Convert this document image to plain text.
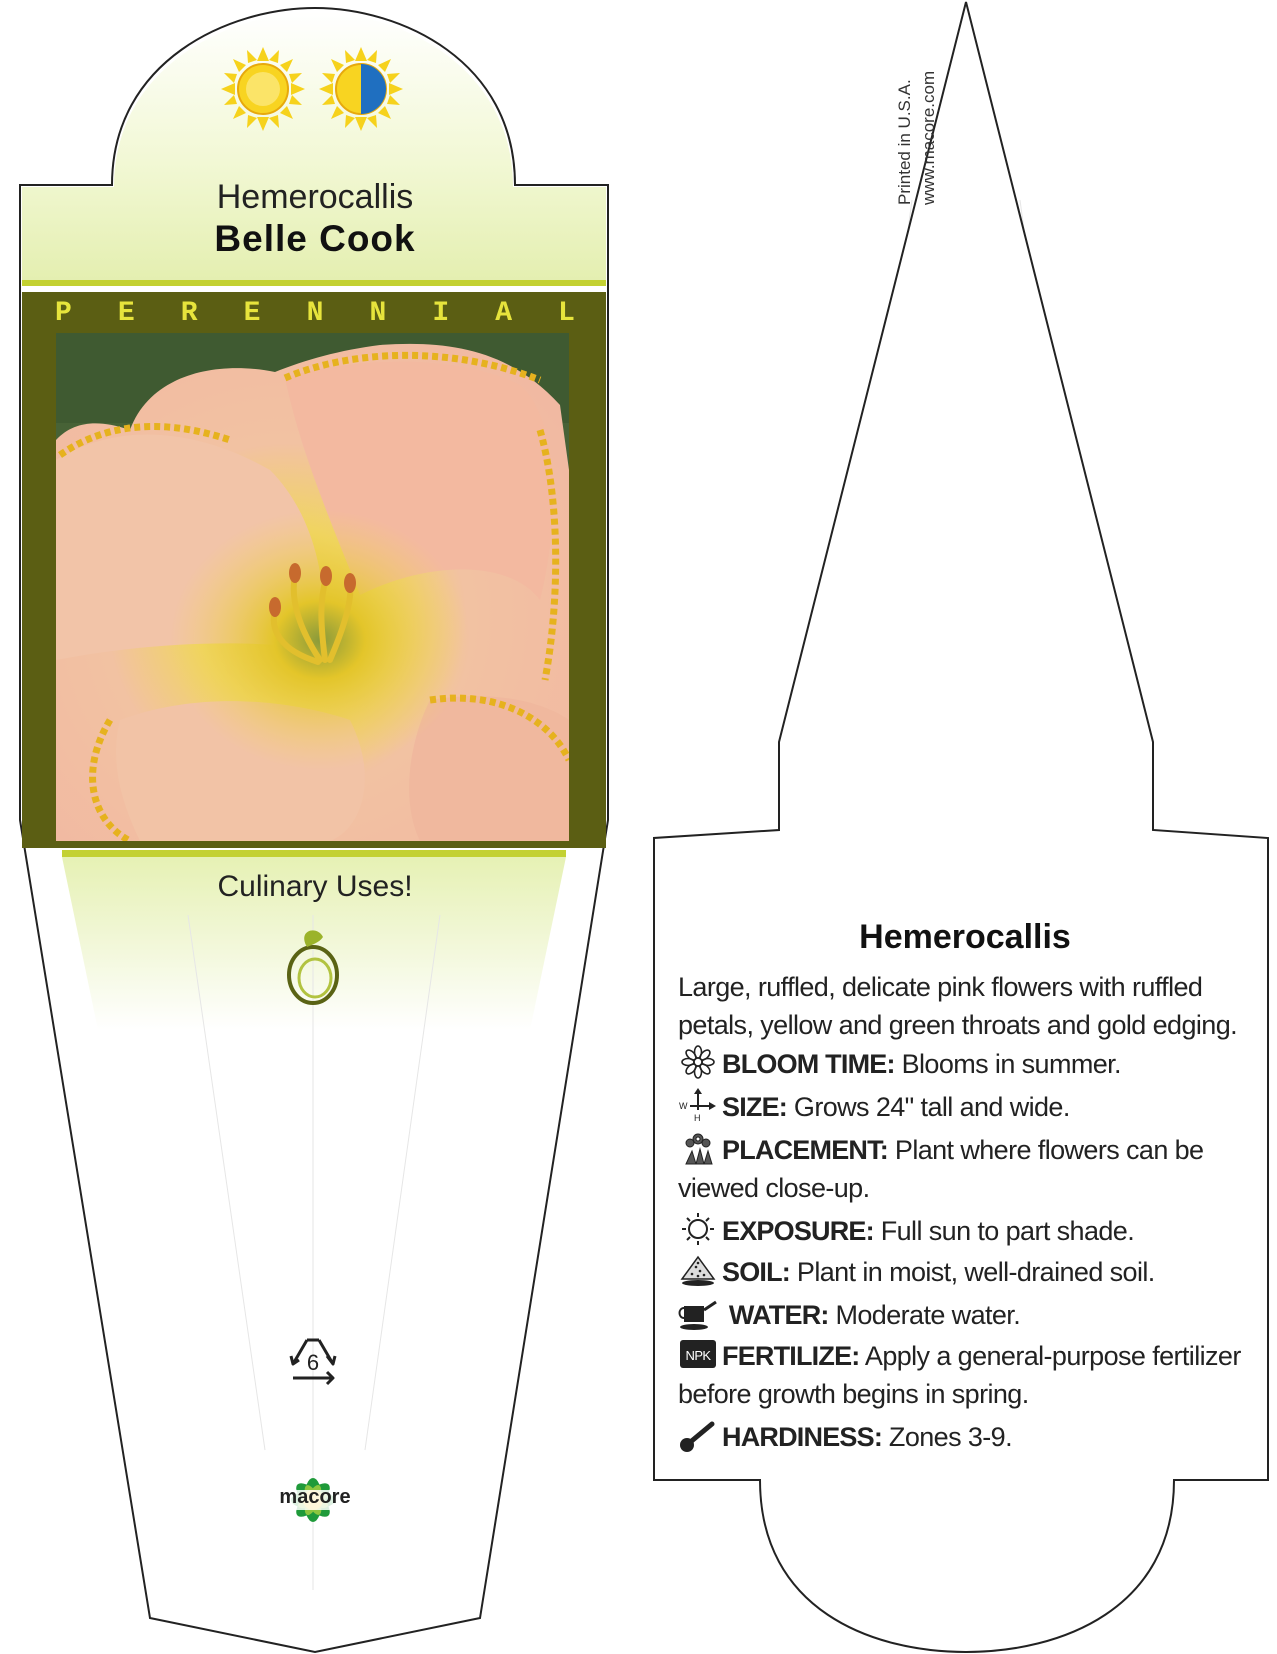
Hemerocallis
Belle Cook
P E R E N N I A L
Culinary Uses!
6
macore
Printed in U.S.A. www.macore.com
Hemerocallis
Large, ruffled, delicate pink flowers with ruffled petals, yellow and green throats and gold edging.
BLOOM TIME: Blooms in summer.
W
H SIZE: Grows 24" tall and wide.
PLACEMENT: Plant where flowers can be viewed close-up.
EXPOSURE: Full sun to part shade.
SOIL: Plant in moist, well-drained soil.
WATER: Moderate water.
NPK FERTILIZE: Apply a general-purpose fertilizer before growth begins in spring.
HARDINESS: Zones 3-9.
